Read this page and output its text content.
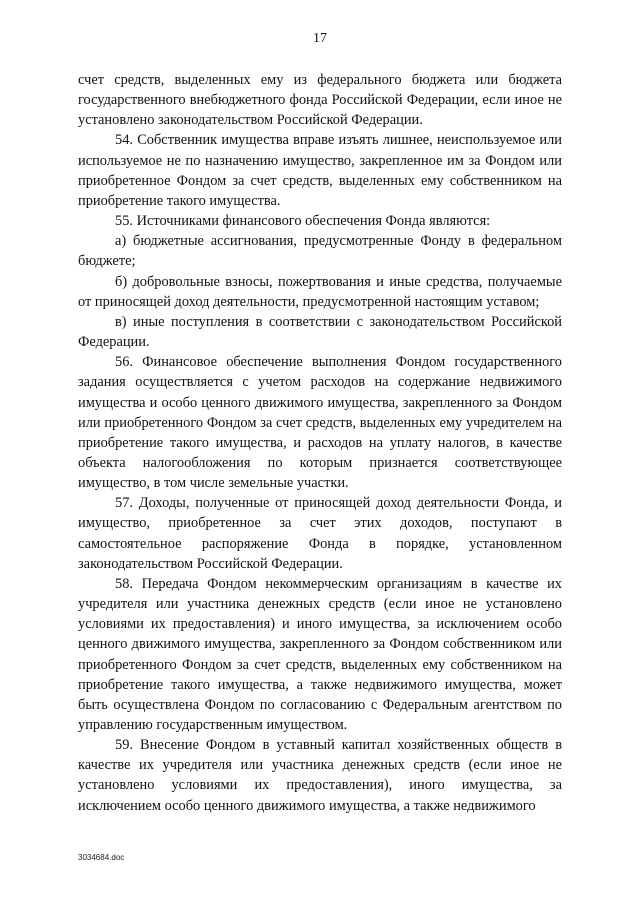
17

счет средств, выделенных ему из федерального бюджета или бюджета государственного внебюджетного фонда Российской Федерации, если иное не установлено законодательством Российской Федерации.

54. Собственник имущества вправе изъять лишнее, неиспользуемое или используемое не по назначению имущество, закрепленное им за Фондом или приобретенное Фондом за счет средств, выделенных ему собственником на приобретение такого имущества.

55. Источниками финансового обеспечения Фонда являются:

а) бюджетные ассигнования, предусмотренные Фонду в федеральном бюджете;

б) добровольные взносы, пожертвования и иные средства, получаемые от приносящей доход деятельности, предусмотренной настоящим уставом;

в) иные поступления в соответствии с законодательством Российской Федерации.

56. Финансовое обеспечение выполнения Фондом государственного задания осуществляется с учетом расходов на содержание недвижимого имущества и особо ценного движимого имущества, закрепленного за Фондом или приобретенного Фондом за счет средств, выделенных ему учредителем на приобретение такого имущества, и расходов на уплату налогов, в качестве объекта налогообложения по которым признается соответствующее имущество, в том числе земельные участки.

57. Доходы, полученные от приносящей доход деятельности Фонда, и имущество, приобретенное за счет этих доходов, поступают в самостоятельное распоряжение Фонда в порядке, установленном законодательством Российской Федерации.

58. Передача Фондом некоммерческим организациям в качестве их учредителя или участника денежных средств (если иное не установлено условиями их предоставления) и иного имущества, за исключением особо ценного движимого имущества, закрепленного за Фондом собственником или приобретенного Фондом за счет средств, выделенных ему собственником на приобретение такого имущества, а также недвижимого имущества, может быть осуществлена Фондом по согласованию с Федеральным агентством по управлению государственным имуществом.

59. Внесение Фондом в уставный капитал хозяйственных обществ в качестве их учредителя или участника денежных средств (если иное не установлено условиями их предоставления), иного имущества, за исключением особо ценного движимого имущества, а также недвижимого

3034684.doc
